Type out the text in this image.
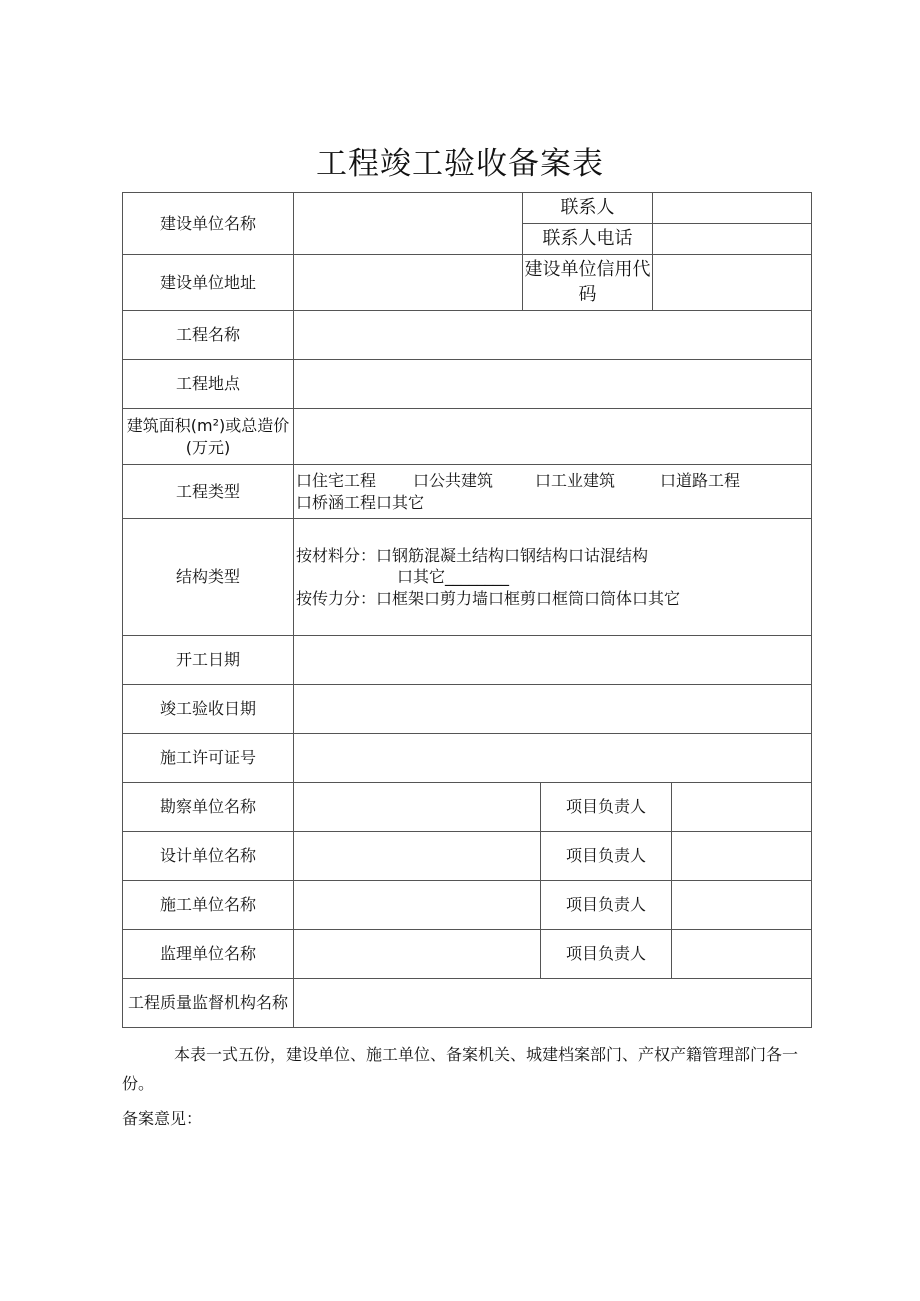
工程竣工验收备案表
建设单位名称		联系人			
		联系人电话			
建设单位地址		建设单位信用代码			
工程名称					
工程地点					
建筑面积(m²)或总造价(万元)					
工程类型	口住宅工程 口公共建筑 口工业建筑 口道路工程
口桥涵工程口其它				

结构类型	按材料分：口钢筋混凝土结构口钢结构口诂混结构
口其它________
按传力分：口框架口剪力墙口框剪口框筒口筒体口其它				

开工日期					
竣工验收日期					
施工许可证号					
勘察单位名称			项目负责人		
设计单位名称			项目负责人		
施工单位名称			项目负责人		
监理单位名称			项目负责人		
工程质量监督机构名称					

本表一式五份，建设单位、施工单位、备案机关、城建档案部门、产权产籍管理部门各一份。

备案意见：
